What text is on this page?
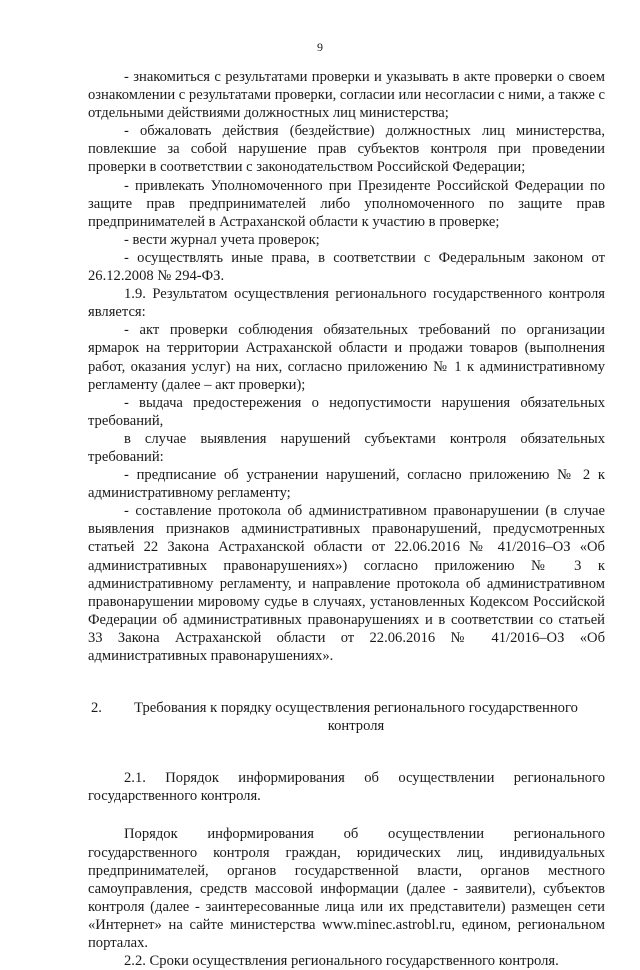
9

- знакомиться с результатами проверки и указывать в акте проверки о своем ознакомлении с результатами проверки, согласии или несогласии с ними, а также с отдельными действиями должностных лиц министерства;

- обжаловать действия (бездействие) должностных лиц министерства, повлекшие за собой нарушение прав субъектов контроля при проведении проверки в соответствии с законодательством Российской Федерации;

- привлекать Уполномоченного при Президенте Российской Федерации по защите прав предпринимателей либо уполномоченного по защите прав предпринимателей в Астраханской области к участию в проверке;

- вести журнал учета проверок;

- осуществлять иные права, в соответствии с Федеральным законом от 26.12.2008 № 294-ФЗ.

1.9. Результатом осуществления регионального государственного контроля является:

- акт проверки соблюдения обязательных требований по организации ярмарок на территории Астраханской области и продажи товаров (выполнения работ, оказания услуг) на них, согласно приложению № 1 к административному регламенту (далее – акт проверки);

- выдача предостережения о недопустимости нарушения обязательных требований,

в случае выявления нарушений субъектами контроля обязательных требований:

- предписание об устранении нарушений, согласно приложению № 2 к административному регламенту;

- составление протокола об административном правонарушении (в случае выявления признаков административных правонарушений, предусмотренных статьей 22 Закона Астраханской области от 22.06.2016 № 41/2016–ОЗ «Об административных правонарушениях») согласно приложению № 3 к административному регламенту, и направление протокола об административном правонарушении мировому судье в случаях, установленных Кодексом Российской Федерации об административных правонарушениях и в соответствии со статьей 33 Закона Астраханской области от 22.06.2016 № 41/2016–ОЗ «Об административных правонарушениях».

2.	Требования к порядку осуществления регионального государственного контроля

2.1. Порядок информирования об осуществлении регионального государственного контроля.

Порядок информирования об осуществлении регионального государственного контроля граждан, юридических лиц, индивидуальных предпринимателей, органов государственной власти, органов местного самоуправления, средств массовой информации (далее - заявители), субъектов контроля (далее - заинтересованные лица или их представители) размещен сети «Интернет» на сайте министерства www.minec.astrobl.ru, едином, региональном порталах.

2.2. Сроки осуществления регионального государственного контроля.
